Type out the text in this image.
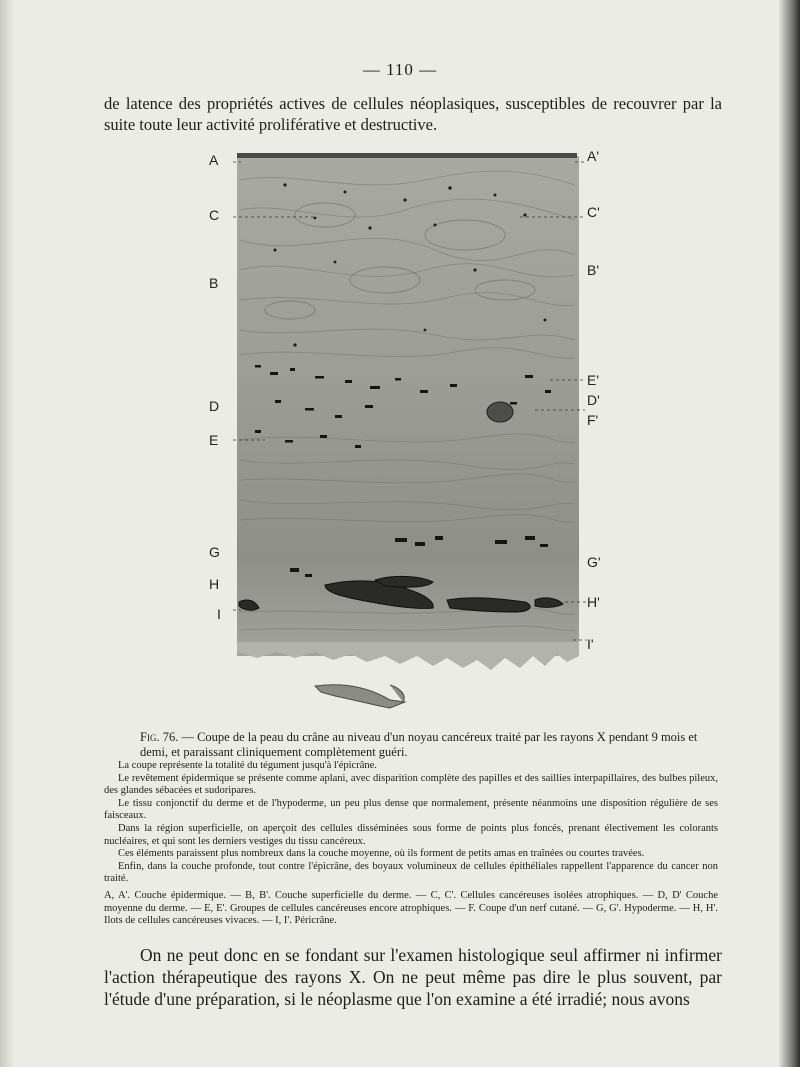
— 110 —
de latence des propriétés actives de cellules néoplasiques, susceptibles de recouvrer par la suite toute leur activité proliférative et destructive.
A
C
B
D
E
G
H
I
A'
C'
B'
E'
D'
F'
G'
H'
I'
Fig. 76. — Coupe de la peau du crâne au niveau d'un noyau cancéreux traité par les rayons X pendant 9 mois et demi, et paraissant cliniquement complètement guéri.

La coupe représente la totalité du tégument jusqu'à l'épicrâne.

Le revêtement épidermique se présente comme aplani, avec disparition complète des papilles et des saillies interpapillaires, des bulbes pileux, des glandes sébacées et sudoripares.

Le tissu conjonctif du derme et de l'hypoderme, un peu plus dense que normalement, présente néanmoins une disposition régulière de ses faisceaux.

Dans la région superficielle, on aperçoit des cellules disséminées sous forme de points plus foncés, prenant électivement les colorants nucléaires, et qui sont les derniers vestiges du tissu cancéreux.

Ces éléments paraissent plus nombreux dans la couche moyenne, où ils forment de petits amas en traînées ou courtes travées.

Enfin, dans la couche profonde, tout contre l'épicrâne, des boyaux volumineux de cellules épithéliales rappellent l'apparence du cancer non traité.

A, A'. Couche épidermique. — B, B'. Couche superficielle du derme. — C, C'. Cellules cancéreuses isolées atrophiques. — D, D' Couche moyenne du derme. — E, E'. Groupes de cellules cancéreuses encore atrophiques. — F. Coupe d'un nerf cutané. — G, G'. Hypoderme. — H, H'. Ilots de cellules cancéreuses vivaces. — I, I'. Péricrâne.

On ne peut donc en se fondant sur l'examen histologique seul affirmer ni infirmer l'action thérapeutique des rayons X. On ne peut même pas dire le plus souvent, par l'étude d'une préparation, si le néoplasme que l'on examine a été irradié; nous avons
